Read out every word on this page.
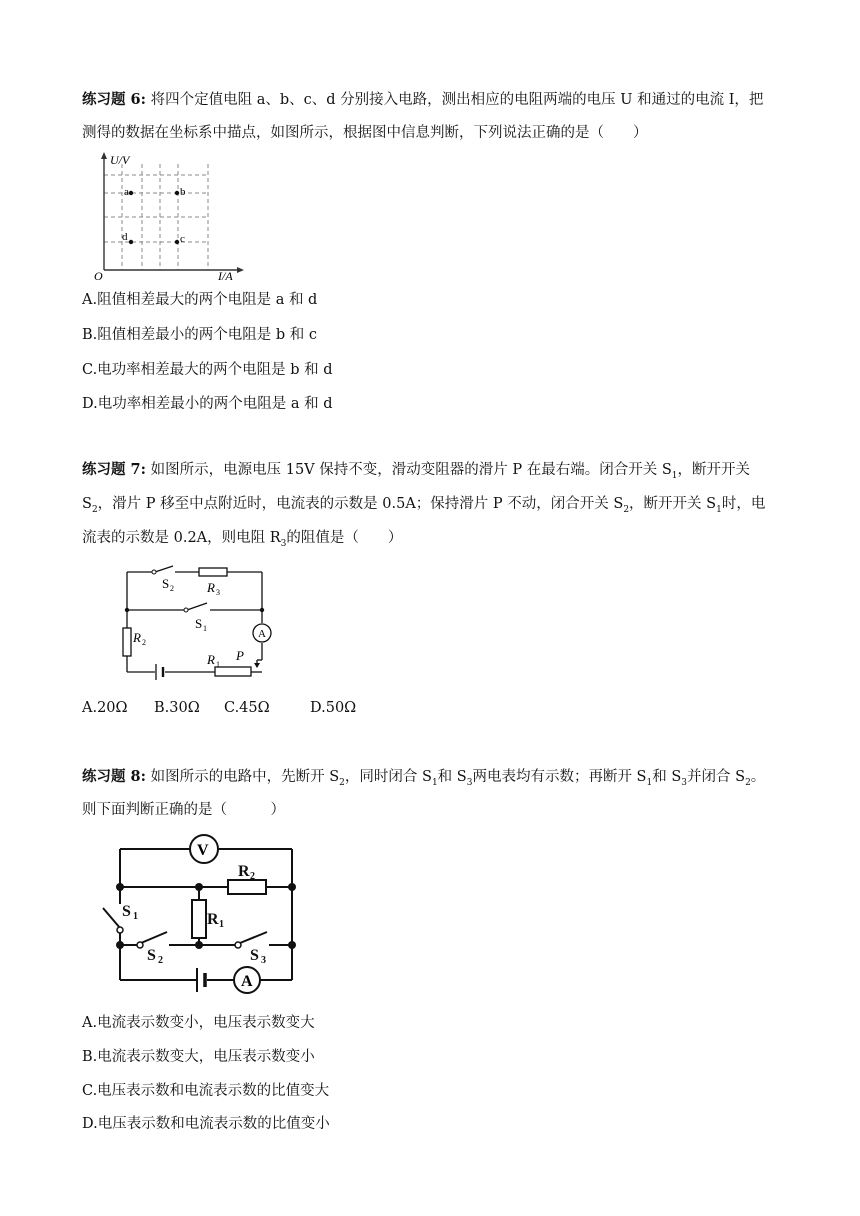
练习题 6: 将四个定值电阻 a、b、c、d 分别接入电路，测出相应的电阻两端的电压 U 和通过的电流 I，把
测得的数据在坐标系中描点，如图所示，根据图中信息判断，下列说法正确的是（　　）
U/V
I/A
O
a	b
c
d
A.阻值相差最大的两个电阻是 a 和 d
B.阻值相差最小的两个电阻是 b 和 c
C.电功率相差最大的两个电阻是 b 和 d
D.电功率相差最小的两个电阻是 a 和 d
练习题 7: 如图所示，电源电压 15V 保持不变，滑动变阻器的滑片 P 在最右端。闭合开关 $S_1$，断开开关
$S_2$，滑片 P 移至中点附近时，电流表的示数是 0.5A；保持滑片 P 不动，闭合开关 $S_2$，断开开关 $S_1$时，电
流表的示数是 0.2A，则电阻 $R_3$的阻值是（　　）
A
S 2	R 3
S 1
R 2
R 1
P
A.20Ω B.30Ω C.45Ω	D.50Ω
练习题 8: 如图所示的电路中，先断开 $S_2$，同时闭合 $S_1$和 $S_3$两电表均有示数；再断开 $S_1$和 $S_3$并闭合 $S_2$。
则下面判断正确的是（　　　）
V
A
R 2
R 1
S 1
S 2	S 3
A.电流表示数变小，电压表示数变大
B.电流表示数变大，电压表示数变小
C.电压表示数和电流表示数的比值变大
D.电压表示数和电流表示数的比值变小
